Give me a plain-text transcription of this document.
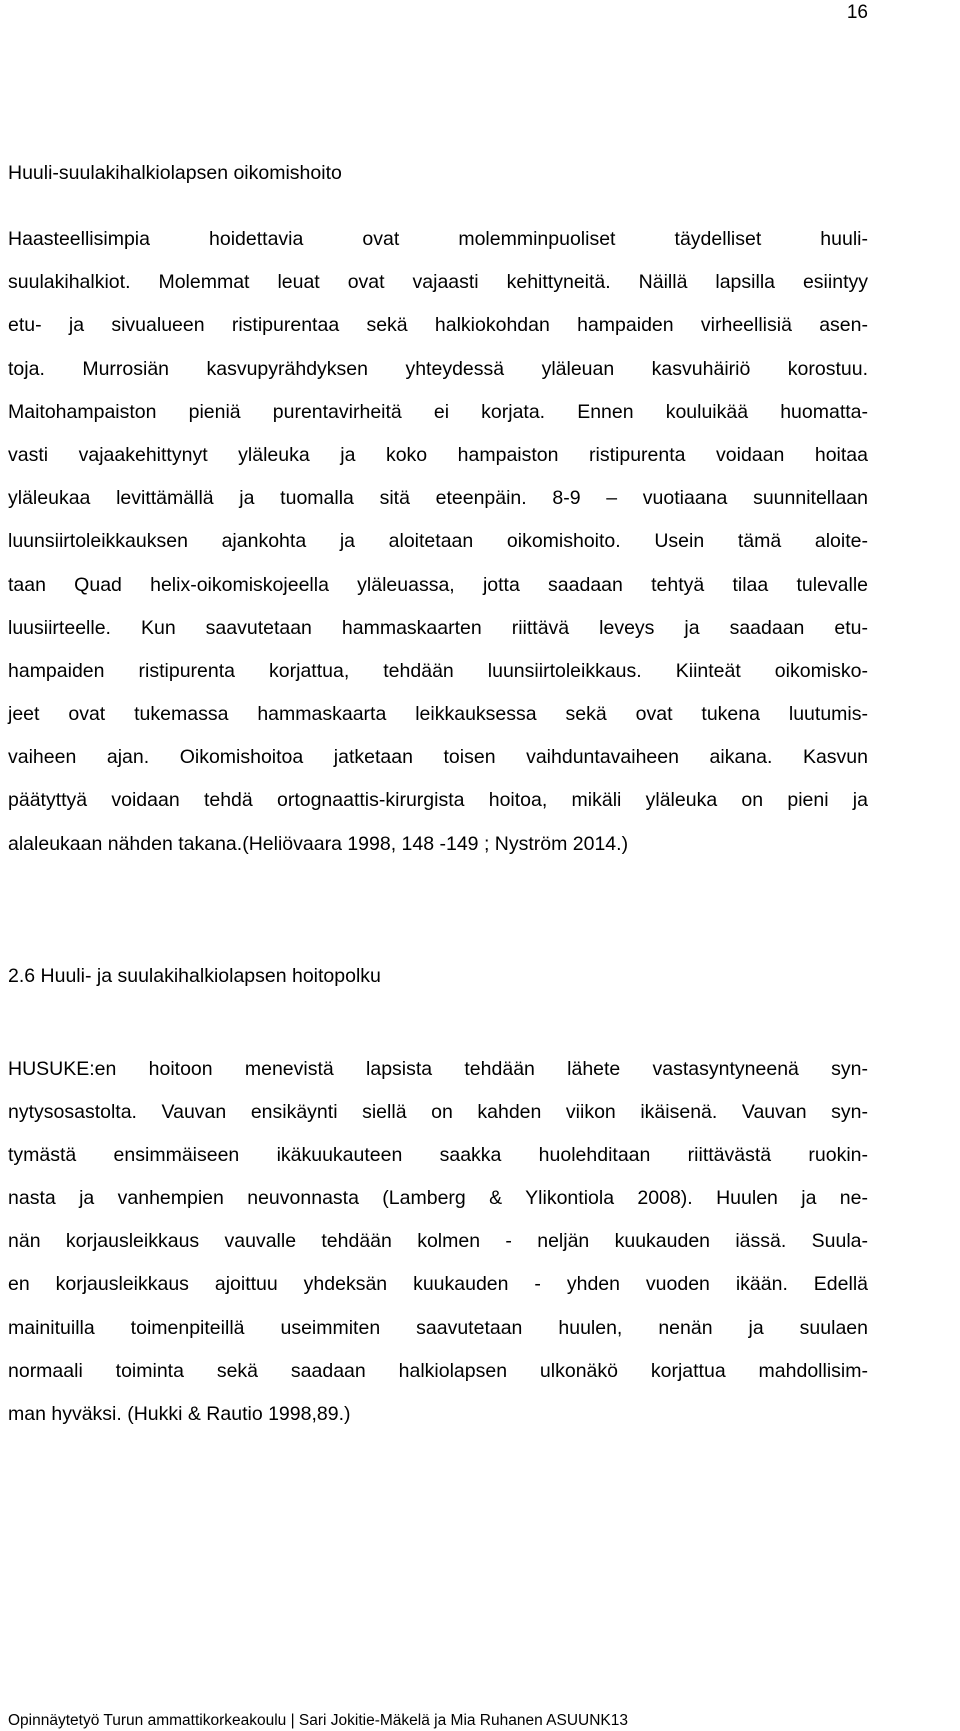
16
Huuli-suulakihalkiolapsen oikomishoito
Haasteellisimpia hoidettavia ovat molemminpuoliset täydelliset huuli-
suulakihalkiot. Molemmat leuat ovat vajaasti kehittyneitä. Näillä lapsilla esiintyy
etu- ja sivualueen ristipurentaa sekä halkiokohdan hampaiden virheellisiä asen-
toja. Murrosiän kasvupyrähdyksen yhteydessä yläleuan kasvuhäiriö korostuu.
Maitohampaiston pieniä purentavirheitä ei korjata. Ennen kouluikää huomatta-
vasti vajaakehittynyt yläleuka ja koko hampaiston ristipurenta voidaan hoitaa
yläleukaa levittämällä ja tuomalla sitä eteenpäin. 8-9 – vuotiaana suunnitellaan
luunsiirtoleikkauksen ajankohta ja aloitetaan oikomishoito. Usein tämä aloite-
taan Quad helix-oikomiskojeella yläleuassa, jotta saadaan tehtyä tilaa tulevalle
luusiirteelle. Kun saavutetaan hammaskaarten riittävä leveys ja saadaan etu-
hampaiden ristipurenta korjattua, tehdään luunsiirtoleikkaus. Kiinteät oikomisko-
jeet ovat tukemassa hammaskaarta leikkauksessa sekä ovat tukena luutumis-
vaiheen ajan. Oikomishoitoa jatketaan toisen vaihduntavaiheen aikana. Kasvun
päätyttyä voidaan tehdä ortognaattis-kirurgista hoitoa, mikäli yläleuka on pieni ja
alaleukaan nähden takana.(Heliövaara 1998, 148 -149 ; Nyström 2014.)
2.6 Huuli- ja suulakihalkiolapsen hoitopolku
HUSUKE:en hoitoon menevistä lapsista tehdään lähete vastasyntyneenä syn-
nytysosastolta. Vauvan ensikäynti siellä on kahden viikon ikäisenä. Vauvan syn-
tymästä ensimmäiseen ikäkuukauteen saakka huolehditaan riittävästä ruokin-
nasta ja vanhempien neuvonnasta (Lamberg & Ylikontiola 2008). Huulen ja ne-
nän korjausleikkaus vauvalle tehdään kolmen - neljän kuukauden iässä. Suula-
en korjausleikkaus ajoittuu yhdeksän kuukauden - yhden vuoden ikään. Edellä
mainituilla toimenpiteillä useimmiten saavutetaan huulen, nenän ja suulaen
normaali toiminta sekä saadaan halkiolapsen ulkonäkö korjattua mahdollisim-
man hyväksi. (Hukki & Rautio 1998,89.)
Opinnäytetyö Turun ammattikorkeakoulu | Sari Jokitie-Mäkelä ja Mia Ruhanen ASUUNK13
